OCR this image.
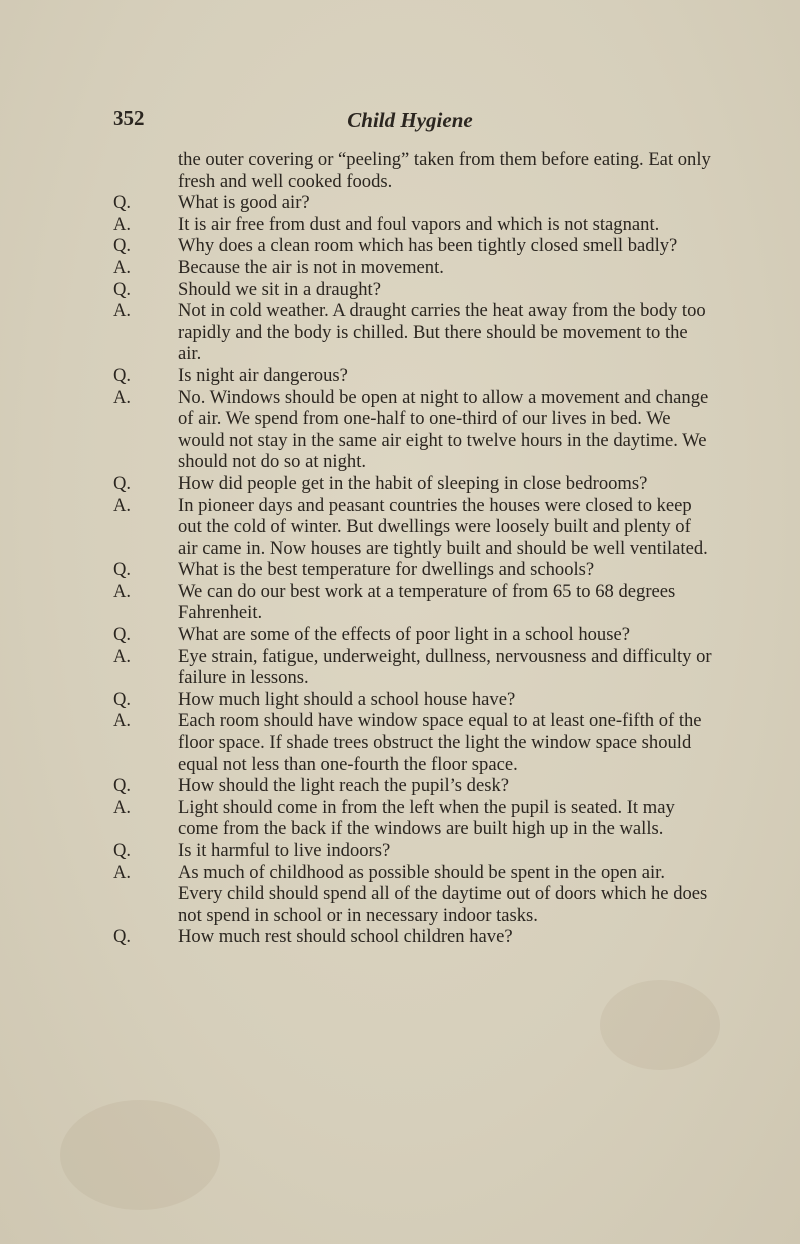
352	Child Hygiene
the outer covering or “peeling” taken from them before eating. Eat only fresh and well cooked foods.
Q.	What is good air?
A.	It is air free from dust and foul vapors and which is not stagnant.
Q.	Why does a clean room which has been tightly closed smell badly?
A.	Because the air is not in movement.
Q.	Should we sit in a draught?
A.	Not in cold weather. A draught carries the heat away from the body too rapidly and the body is chilled. But there should be movement to the air.
Q.	Is night air dangerous?
A.	No. Windows should be open at night to allow a movement and change of air. We spend from one-half to one-third of our lives in bed. We would not stay in the same air eight to twelve hours in the daytime. We should not do so at night.
Q.	How did people get in the habit of sleeping in close bedrooms?
A.	In pioneer days and peasant countries the houses were closed to keep out the cold of winter. But dwellings were loosely built and plenty of air came in. Now houses are tightly built and should be well ventilated.
Q.	What is the best temperature for dwellings and schools?
A.	We can do our best work at a temperature of from 65 to 68 degrees Fahrenheit.
Q.	What are some of the effects of poor light in a school house?
A.	Eye strain, fatigue, underweight, dullness, nervousness and difficulty or failure in lessons.
Q.	How much light should a school house have?
A.	Each room should have window space equal to at least one-fifth of the floor space. If shade trees obstruct the light the window space should equal not less than one-fourth the floor space.
Q.	How should the light reach the pupil’s desk?
A.	Light should come in from the left when the pupil is seated. It may come from the back if the windows are built high up in the walls.
Q.	Is it harmful to live indoors?
A.	As much of childhood as possible should be spent in the open air. Every child should spend all of the daytime out of doors which he does not spend in school or in necessary indoor tasks.
Q.	How much rest should school children have?
